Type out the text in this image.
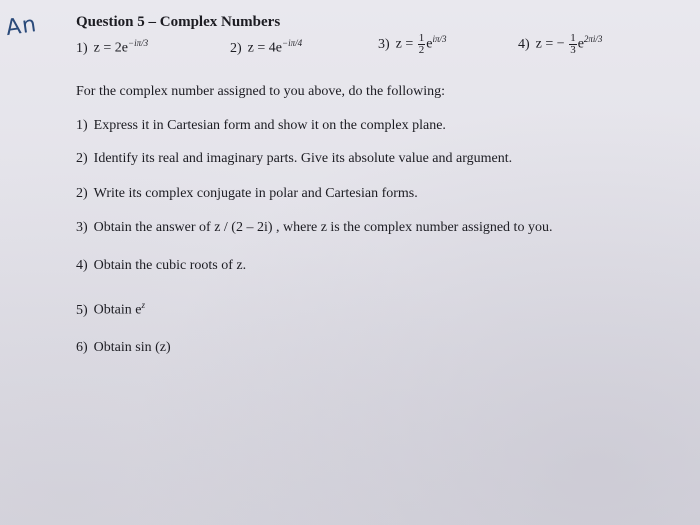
An Question 5 – Complex Numbers
1) $z = 2e^{-i\pi/3}$	2) $z = 4e^{-i\pi/4}$	3) $z = \frac{1}{2} e^{i\pi/3}$	4) z = − $\frac{1}{3} e^{2\pi i/3}$
For the complex number assigned to you above, do the following:
1) Express it in Cartesian form and show it on the complex plane.
2) Identify its real and imaginary parts. Give its absolute value and argument.
2) Write its complex conjugate in polar and Cartesian forms.
3) Obtain the answer of z / (2 – 2i) , where z is the complex number assigned to you.
4) Obtain the cubic roots of z.
5) Obtain $e^z$
6) Obtain sin (z)
